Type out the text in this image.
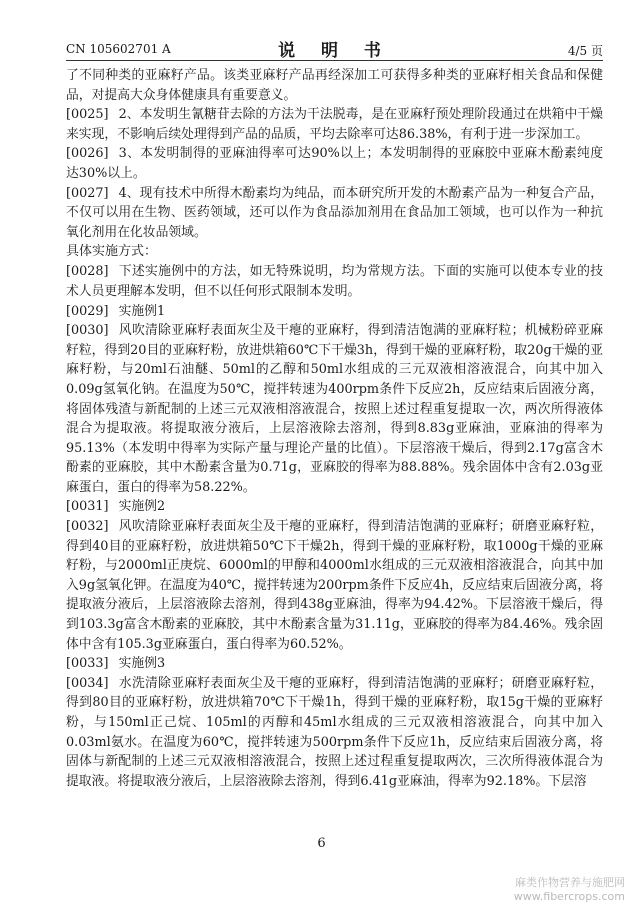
CN 105602701 A	说 明 书	4/5 页

了不同种类的亚麻籽产品。该类亚麻籽产品再经深加工可获得多种类的亚麻籽相关食品和保健品，对提高大众身体健康具有重要意义。

[0025] 2、本发明生氰糖苷去除的方法为干法脱毒，是在亚麻籽预处理阶段通过在烘箱中干燥来实现，不影响后续处理得到产品的品质，平均去除率可达86.38%，有利于进一步深加工。

[0026] 3、本发明制得的亚麻油得率可达90%以上；本发明制得的亚麻胶中亚麻木酚素纯度达30%以上。

[0027] 4、现有技术中所得木酚素均为纯品，而本研究所开发的木酚素产品为一种复合产品，不仅可以用在生物、医药领域，还可以作为食品添加剂用在食品加工领域，也可以作为一种抗氧化剂用在化妆品领域。

具体实施方式：

[0028] 下述实施例中的方法，如无特殊说明，均为常规方法。下面的实施可以使本专业的技术人员更理解本发明，但不以任何形式限制本发明。

[0029] 实施例1

[0030] 风吹清除亚麻籽表面灰尘及干瘪的亚麻籽，得到清洁饱满的亚麻籽粒；机械粉碎亚麻籽粒，得到20目的亚麻籽粉，放进烘箱60℃下干燥3h，得到干燥的亚麻籽粉，取20g干燥的亚麻籽粉，与20ml石油醚、50ml的乙醇和50ml水组成的三元双液相溶液混合，向其中加入0.09g氢氧化钠。在温度为50℃，搅拌转速为400rpm条件下反应2h，反应结束后固液分离，将固体残渣与新配制的上述三元双液相溶液混合，按照上述过程重复提取一次，两次所得液体混合为提取液。将提取液分液后，上层溶液除去溶剂，得到8.83g亚麻油，亚麻油的得率为95.13%（本发明中得率为实际产量与理论产量的比值）。下层溶液干燥后，得到2.17g富含木酚素的亚麻胶，其中木酚素含量为0.71g，亚麻胶的得率为88.88%。残余固体中含有2.03g亚麻蛋白，蛋白的得率为58.22%。

[0031] 实施例2

[0032] 风吹清除亚麻籽表面灰尘及干瘪的亚麻籽，得到清洁饱满的亚麻籽；研磨亚麻籽粒，得到40目的亚麻籽粉，放进烘箱50℃下干燥2h，得到干燥的亚麻籽粉，取1000g干燥的亚麻籽粉，与2000ml正庚烷、6000ml的甲醇和4000ml水组成的三元双液相溶液混合，向其中加入9g氢氧化钾。在温度为40℃，搅拌转速为200rpm条件下反应4h，反应结束后固液分离，将提取液分液后，上层溶液除去溶剂，得到438g亚麻油，得率为94.42%。下层溶液干燥后，得到103.3g富含木酚素的亚麻胶，其中木酚素含量为31.11g，亚麻胶的得率为84.46%。残余固体中含有105.3g亚麻蛋白，蛋白得率为60.52%。

[0033] 实施例3

[0034] 水洗清除亚麻籽表面灰尘及干瘪的亚麻籽，得到清洁饱满的亚麻籽；研磨亚麻籽粒，得到80目的亚麻籽粉，放进烘箱70℃下干燥1h，得到干燥的亚麻籽粉，取15g干燥的亚麻籽粉，与150ml正己烷、105ml的丙醇和45ml水组成的三元双液相溶液混合，向其中加入0.03ml氨水。在温度为60℃，搅拌转速为500rpm条件下反应1h，反应结束后固液分离，将固体与新配制的上述三元双液相溶液混合，按照上述过程重复提取两次，三次所得液体混合为提取液。将提取液分液后，上层溶液除去溶剂，得到6.41g亚麻油，得率为92.18%。下层溶

6
麻类作物营养与施肥网
www.fibercrops.com
